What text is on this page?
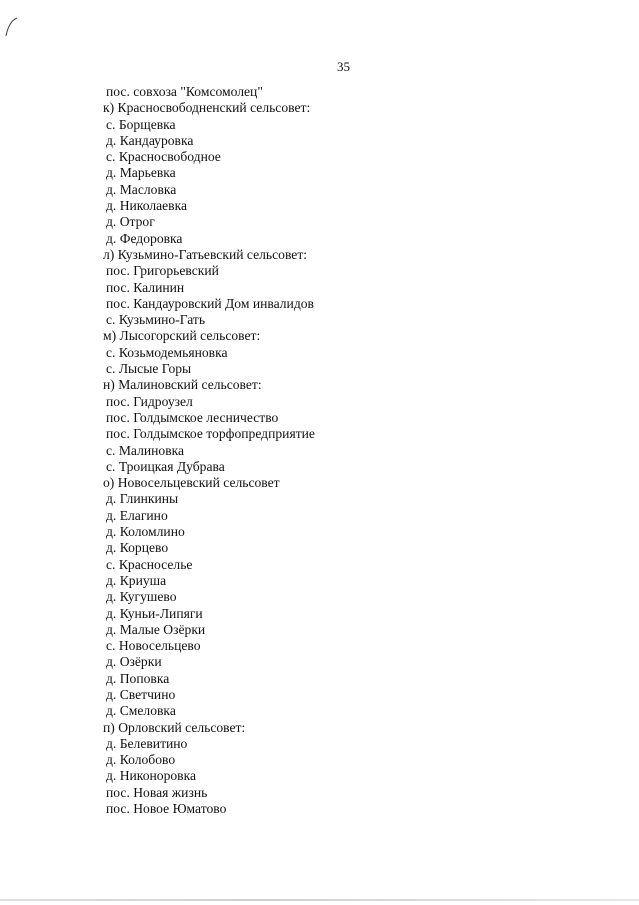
35
пос. совхоза "Комсомолец"
к) Краснoсвободненский сельсовет:
с. Борщевка
д. Кандауровка
с. Красносвободное
д. Марьевка
д. Масловка
д. Николаевка
д. Отрог
д. Федоровка
л) Кузьмино-Гатьевский сельсовет:
пос. Григорьевский
пос. Калинин
пос. Кандауровский Дом инвалидов
с. Кузьмино-Гать
м) Лысогорский сельсовет:
с. Козьмодемьяновка
с. Лысые Горы
н) Малиновский сельсовет:
пос. Гидроузел
пос. Голдымское лесничество
пос. Голдымское торфопредприятие
с. Малиновка
с. Троицкая Дубрава
о) Новосельцевский сельсовет
д. Глинкины
д. Елагино
д. Коломлино
д. Корцево
с. Красноселье
д. Криуша
д. Кугушево
д. Куньи-Липяги
д. Малые Озёрки
с. Новосельцево
д. Озёрки
д. Поповка
д. Светчино
д. Смеловка
п) Орловский сельсовет:
д. Белевитино
д. Колобово
д. Никоноровка
пос. Новая жизнь
пос. Новое Юматово
